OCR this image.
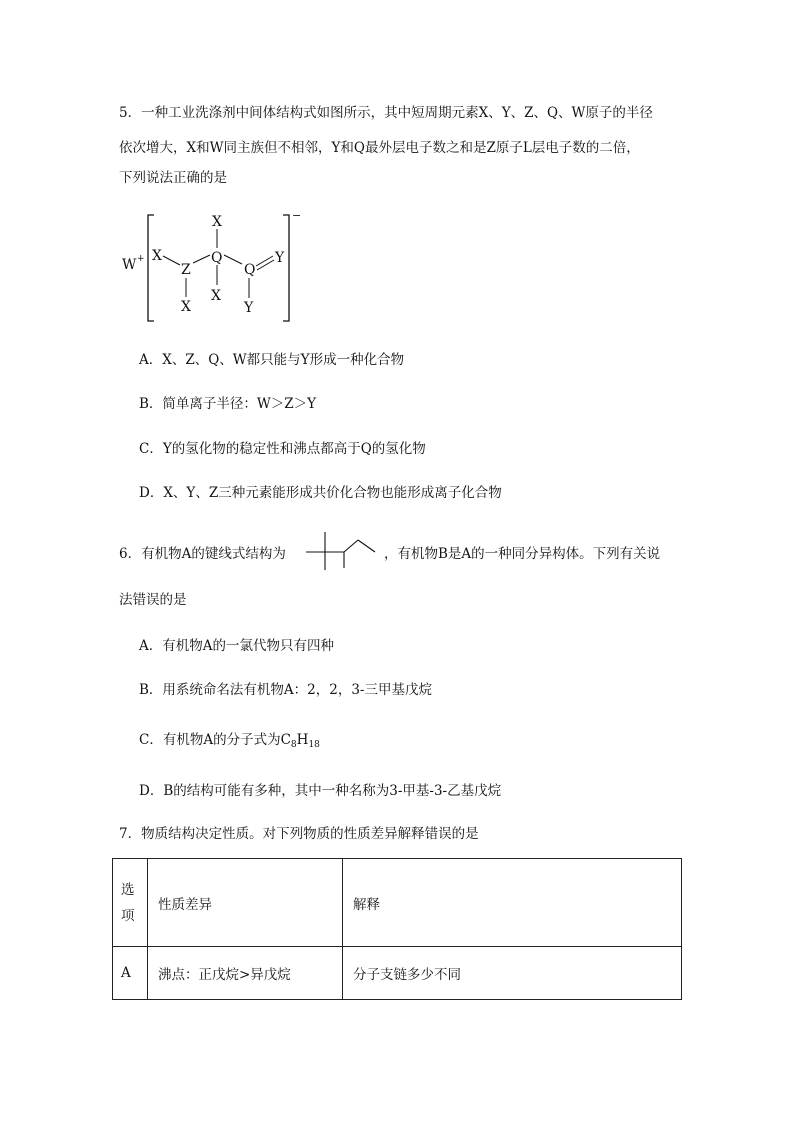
5．一种工业洗涤剂中间体结构式如图所示，其中短周期元素X、Y、Z、Q、W原子的半径
依次增大，X和W同主族但不相邻，Y和Q最外层电子数之和是Z原子L层电子数的二倍，
下列说法正确的是
W +
−
X
Z
X
X
Q
X
Q
Y
Y
A．X、Z、Q、W都只能与Y形成一种化合物
B．简单离子半径：W＞Z＞Y
C．Y的氢化物的稳定性和沸点都高于Q的氢化物
D．X、Y、Z三种元素能形成共价化合物也能形成离子化合物
6．有机物A的键线式结构为	，有机物B是A的一种同分异构体。下列有关说
法错误的是
A．有机物A的一氯代物只有四种
B．用系统命名法有机物A：2，2，3-三甲基戊烷
C．有机物A的分子式为$C_8H_{18}$
D．B的结构可能有多种，其中一种名称为3-甲基-3-乙基戊烷
7．物质结构决定性质。对下列物质的性质差异解释错误的是
选
项	性质差异	解释
A	沸点：正戊烷>异戊烷	分子支链多少不同
